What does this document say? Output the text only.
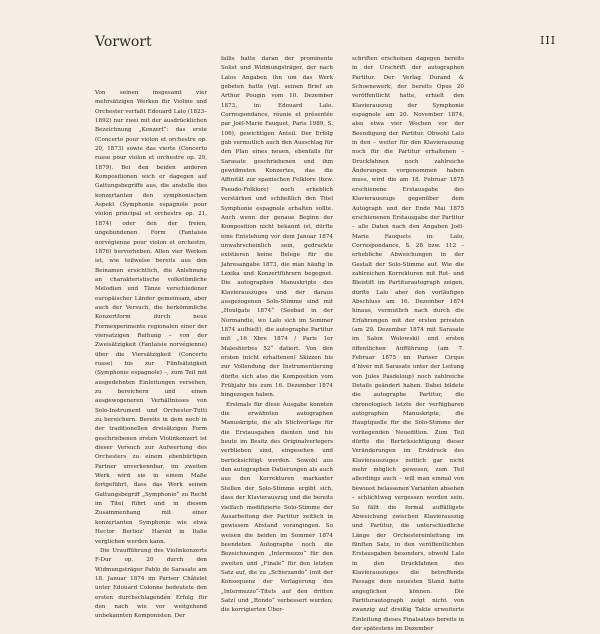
III
Vorwort

Von seinen insgesamt vier mehrsätzigen Werken für Violine und Orchester verfaßt Edouard Lalo (1823–1892) nur zwei mit der ausdrücklichen Bezeichnung „Konzert“: das erste (Concerto pour violon et orchestre op. 20, 1873) sowie das vierte (Concerto russe pour violon et orchestre op. 29, 1879). Bei den beiden anderen Kompositionen wich er dagegen auf Gattungsbegriffe aus, die anstelle des konzertanten den symphonischen Aspekt (Symphonie espagnole pour violon principal et orchestre op. 21, 1874) oder den der freien, ungebundenen Form (Fantaisie norvégienne pour violon et orchestre, 1876) hervorheben. Allen vier Werken ist, wie teilweise bereits aus den Beinamen ersichtlich, die Anlehnung an charakteristische volkstümliche Melodien und Tänze verschiedener europäischer Länder gemeinsam, aber auch der Versuch, die herkömmliche Konzertform durch neue Formexperimente regionalen einer der viersatzigen Reihung – von der Zweisätzigkeit (Fantaisie norvégienne) über die Viersätzigkeit (Concerto russe) bis zur Fünfsätzigkeit (Symphonie espagnole) –, zum Teil mit ausgedehnten Einleitungen versehen, zu bereichern und einen ausgewogeneren Verhältnisses von Solo-Instrument und Orchester-Tutti zu bereichern. Bereits in dem noch in der traditionellen dreisätzigen Form geschriebenen ersten Violinkonzert ist dieser Versuch zur Aufwertung des Orchesters zu einem ebenbürtigen Partner unverkennbar, im zweiten Werk wird sie in einem Maße fortgeführt, dass das Werk seinen Gattungsbegriff „Symphonie“ zu Recht im Titel führt und in diesem Zusammenhang mit einer konzertanten Symphonie wie etwa Hector Berlioz’ Harold in Italie verglichen werden kann.

Die Uraufführung des Violinkonzerts F-Dur op. 20 durch den Widmungsträger Pablo de Sarasate am 18. Januar 1874 im Pariser Châtelet unter Edouard Colonne bedeutete den ersten durchschlagenden Erfolg für den nach wie vor weitgehend unbekannten Komponisten. Der

fallis hatte daran der prominente Solist und Widmungsträger, der nach Lalos Angaben ihn um das Werk gebeten hatte (vgl. seinen Brief an Arthur Pougin vom 10. Dezember 1873, in: Edouard Lalo. Correspondance, réunie et présentée par Joël-Marie Fauquet, Paris 1989, S. 106), gewichtigen Anteil. Der Erfolg gab vermutlich auch den Ausschlag für den Plan eines neuen, ebenfalls für Sarasate geschriebenen und ihm gewidmeten Konzertes, das die Affinität zur spanischen Folklore (bzw. Pseudo-Folklore) noch erheblich verstärken und schließlich den Titel Symphonie espagnole erhalten sollte. Auch wenn der genaue Beginn der Komposition nicht bekannt ist, dürfte eine Entstehung vor dem Januar 1874 unwahrscheinlich sein, gedruckte existieren keine Belege für die Jahresangabe 1873, die man häufig in Lexika und Konzertführern begegnet. Die autographen Manuskripte des Klavierauszuges und der daraus ausgezogenen Solo-Stimme sind mit „Houlgate 1874“ (Seebad in der Normandie, wo Lalo sich im Sommer 1874 aufhielt), die autographe Partitur mit „16 Xbre 1874 / Paris 1er Malesherbes 52“ datiert. Von den ersten (nicht erhaltenen) Skizzen bis zur Vollendung der Instrumentierung dürfte sich also die Komposition vom Frühjahr bis zum 16. Dezember 1874 hingezogen haben.

Erstmals für diese Ausgabe konnten die erwähnten autographen Manuskripte, die als Stichvorlage für die Erstausgaben dienten und bis heute im Besitz des Originalverlegers verblieben sind, eingesehen und berücksichtigt werden. Sowohl aus den autographen Datierungen als auch aus den Korrekturen markanter Stellen der Solo-Stimme ergibt sich, dass der Klavierauszug und die bereits vielfach modifizierte Solo-Stimme der Ausarbeitung der Partitur zeitlich in gewissem Abstand vorangingen. So weisen die beiden im Sommer 1874 beendeten Autographe noch die Bezeichnungen „Intermezzo“ für den zweiten und „Finale“ für den letzten Satz auf, die zu „Scherzando“ (mit der Konsequenz der Verlagerung des „Intermezzo“-Titels auf den dritten Satz) und „Rondo“ verbessert wurden; die korrigierten Über-

schriften erscheinen dagegen bereits in der Urschrift der autographen Partitur. Der Verlag Durand & Schoenewerk, der bereits Opus 20 veröffentlicht hatte, erhielt den Klavierauszug der Symphonie espagnole am 20. November 1874, also etwa vier Wochen vor der Beendigung der Partitur. Obwohl Lalo in den – weiter für den Klavierauszug noch für die Partitur erhaltenen – Druckfahnen noch zahlreiche Änderungen vorgenommen haben muss, wird die am 18. Februar 1875 erschienene Erstausgabe des Klavierauszugs gegenüber dem Autograph und der Ende Mai 1875 erschienenen Erstausgabe der Partitur – alle Daten nach den Angaben Joël-Marie Fauquets in: Lalo, Correspondance, S. 28 bzw. 112 – erhebliche Abweichungen in der Gestalt der Solo-Stimme auf. Wie die zahlreichen Korrekturen mit Rot- und Bleistift im Partiturautograph zeigen, dürfte Lalo aber den vorläufigen Abschluss am 16. Dezember 1874 hinaus, vermutlich nach durch die Erfahrungen mit der ersten privaten (am 29. Dezember 1874 mit Sarasate im Salon Wolowski) und ersten öffentlichen Aufführung (am 7. Februar 1875 im Pariser Cirque d’hiver mit Sarasate unter der Leitung von Jules Pasdeloup) noch zahlreiche Details geändert haben. Dabei bildete die autographe Partitur, die chronologisch letzte der verfügbaren autographen Manuskripte, die Hauptquelle für die Solo-Stimme der vorliegenden Neuedition. Zum Teil dürfte die Berücksichtigung dieser Veränderungen im Erstdruck des Klavierauszuges zeitlich gar nicht mehr möglich gewesen, zum Teil allerdings auch – will man einmal von bewusst belassenen Varianten absehen – schlichtweg vergessen worden sein. So fällt die formal auffälligste Abweichung zwischen Klavierauszug und Partitur, die unterschiedliche Länge der Orchestereinleitung im fünften Satz, in den veröffentlichten Erstausgaben besonders, obwohl Lalo in den Druckfahnen des Klavierauszuges die betreffende Passage dem neuesten Stand hatte angeglichen können. Die Partiturautograph zeigt nicht von zwanzig auf dreißig Takte erweiterte Einleitung dieses Finalsatzes bereits in der spätestens im Dezember
